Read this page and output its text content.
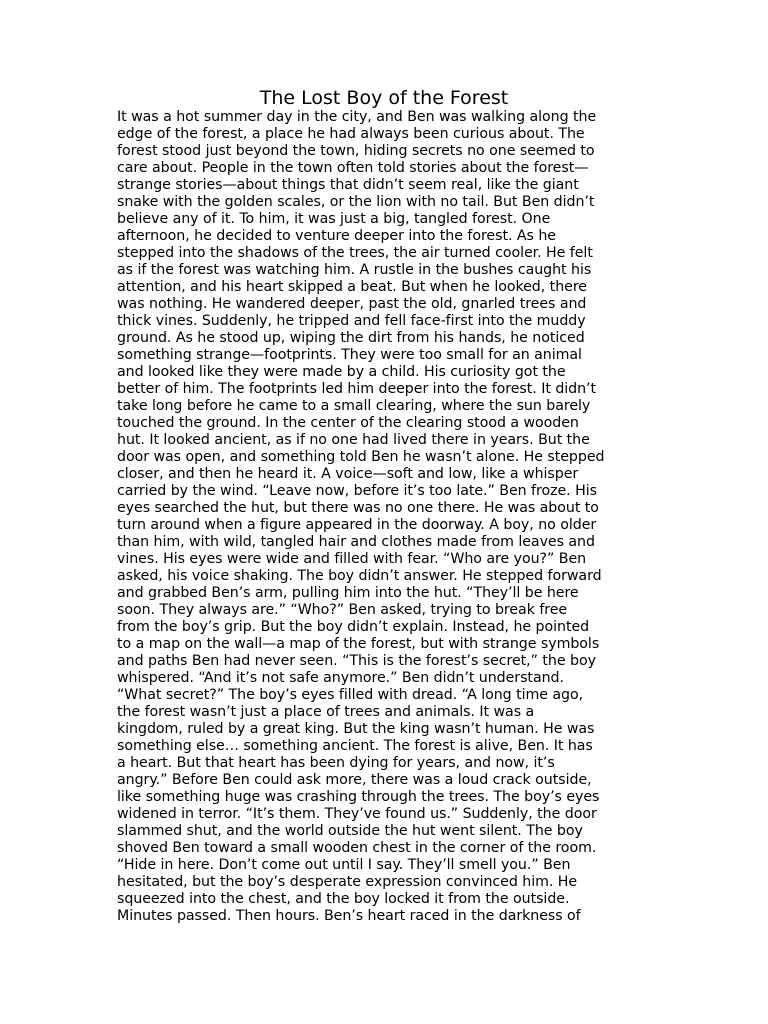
The Lost Boy of the Forest
It was a hot summer day in the city, and Ben was walking along the
edge of the forest, a place he had always been curious about. The
forest stood just beyond the town, hiding secrets no one seemed to
care about. People in the town often told stories about the forest—
strange stories—about things that didn’t seem real, like the giant
snake with the golden scales, or the lion with no tail. But Ben didn’t
believe any of it. To him, it was just a big, tangled forest. One
afternoon, he decided to venture deeper into the forest. As he
stepped into the shadows of the trees, the air turned cooler. He felt
as if the forest was watching him. A rustle in the bushes caught his
attention, and his heart skipped a beat. But when he looked, there
was nothing. He wandered deeper, past the old, gnarled trees and
thick vines. Suddenly, he tripped and fell face-first into the muddy
ground. As he stood up, wiping the dirt from his hands, he noticed
something strange—footprints. They were too small for an animal
and looked like they were made by a child. His curiosity got the
better of him. The footprints led him deeper into the forest. It didn’t
take long before he came to a small clearing, where the sun barely
touched the ground. In the center of the clearing stood a wooden
hut. It looked ancient, as if no one had lived there in years. But the
door was open, and something told Ben he wasn’t alone. He stepped
closer, and then he heard it. A voice—soft and low, like a whisper
carried by the wind. “Leave now, before it’s too late.” Ben froze. His
eyes searched the hut, but there was no one there. He was about to
turn around when a figure appeared in the doorway. A boy, no older
than him, with wild, tangled hair and clothes made from leaves and
vines. His eyes were wide and filled with fear. “Who are you?” Ben
asked, his voice shaking. The boy didn’t answer. He stepped forward
and grabbed Ben’s arm, pulling him into the hut. “They’ll be here
soon. They always are.” “Who?” Ben asked, trying to break free
from the boy’s grip. But the boy didn’t explain. Instead, he pointed
to a map on the wall—a map of the forest, but with strange symbols
and paths Ben had never seen. “This is the forest’s secret,” the boy
whispered. “And it’s not safe anymore.” Ben didn’t understand.
“What secret?” The boy’s eyes filled with dread. “A long time ago,
the forest wasn’t just a place of trees and animals. It was a
kingdom, ruled by a great king. But the king wasn’t human. He was
something else… something ancient. The forest is alive, Ben. It has
a heart. But that heart has been dying for years, and now, it’s
angry.” Before Ben could ask more, there was a loud crack outside,
like something huge was crashing through the trees. The boy’s eyes
widened in terror. “It’s them. They’ve found us.” Suddenly, the door
slammed shut, and the world outside the hut went silent. The boy
shoved Ben toward a small wooden chest in the corner of the room.
“Hide in here. Don’t come out until I say. They’ll smell you.” Ben
hesitated, but the boy’s desperate expression convinced him. He
squeezed into the chest, and the boy locked it from the outside.
Minutes passed. Then hours. Ben’s heart raced in the darkness of
